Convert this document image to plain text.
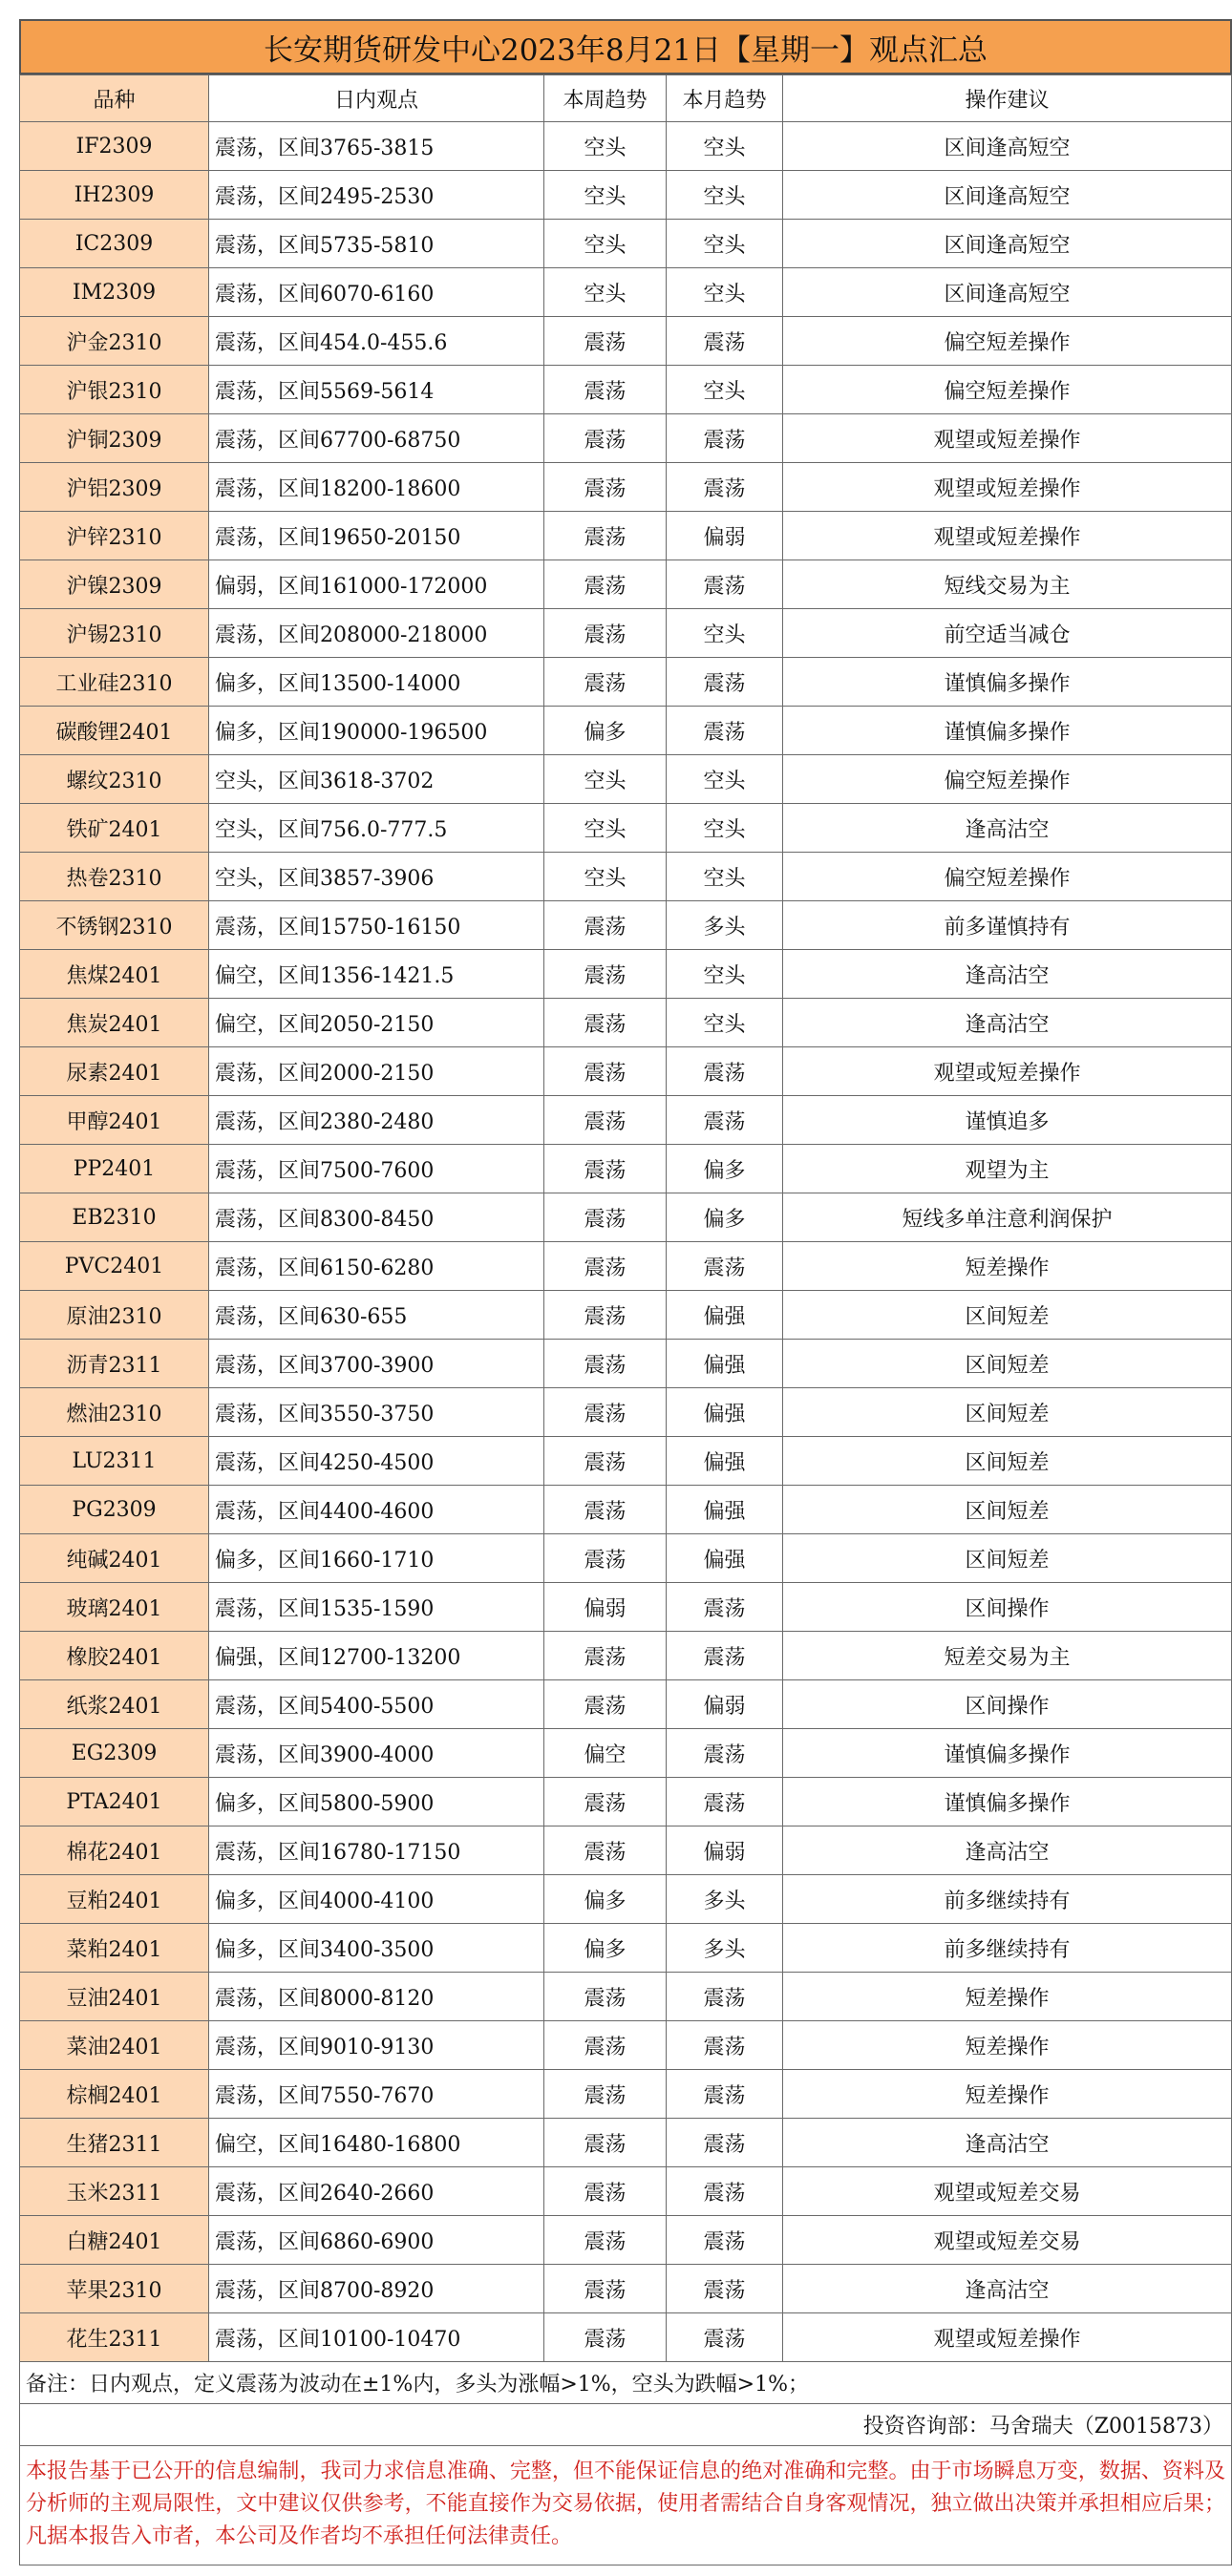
长安期货研发中心2023年8月21日【星期一】观点汇总
品种	日内观点	本周趋势	本月趋势	操作建议
IF2309	震荡，区间3765-3815	空头	空头	区间逢高短空
IH2309	震荡，区间2495-2530	空头	空头	区间逢高短空
IC2309	震荡，区间5735-5810	空头	空头	区间逢高短空
IM2309	震荡，区间6070-6160	空头	空头	区间逢高短空
沪金2310	震荡，区间454.0-455.6	震荡	震荡	偏空短差操作
沪银2310	震荡，区间5569-5614	震荡	空头	偏空短差操作
沪铜2309	震荡，区间67700-68750	震荡	震荡	观望或短差操作
沪铝2309	震荡，区间18200-18600	震荡	震荡	观望或短差操作
沪锌2310	震荡，区间19650-20150	震荡	偏弱	观望或短差操作
沪镍2309	偏弱，区间161000-172000	震荡	震荡	短线交易为主
沪锡2310	震荡，区间208000-218000	震荡	空头	前空适当减仓
工业硅2310	偏多，区间13500-14000	震荡	震荡	谨慎偏多操作
碳酸锂2401	偏多，区间190000-196500	偏多	震荡	谨慎偏多操作
螺纹2310	空头，区间3618-3702	空头	空头	偏空短差操作
铁矿2401	空头，区间756.0-777.5	空头	空头	逢高沽空
热卷2310	空头，区间3857-3906	空头	空头	偏空短差操作
不锈钢2310	震荡，区间15750-16150	震荡	多头	前多谨慎持有
焦煤2401	偏空，区间1356-1421.5	震荡	空头	逢高沽空
焦炭2401	偏空，区间2050-2150	震荡	空头	逢高沽空
尿素2401	震荡，区间2000-2150	震荡	震荡	观望或短差操作
甲醇2401	震荡，区间2380-2480	震荡	震荡	谨慎追多
PP2401	震荡，区间7500-7600	震荡	偏多	观望为主
EB2310	震荡，区间8300-8450	震荡	偏多	短线多单注意利润保护
PVC2401	震荡，区间6150-6280	震荡	震荡	短差操作
原油2310	震荡，区间630-655	震荡	偏强	区间短差
沥青2311	震荡，区间3700-3900	震荡	偏强	区间短差
燃油2310	震荡，区间3550-3750	震荡	偏强	区间短差
LU2311	震荡，区间4250-4500	震荡	偏强	区间短差
PG2309	震荡，区间4400-4600	震荡	偏强	区间短差
纯碱2401	偏多，区间1660-1710	震荡	偏强	区间短差
玻璃2401	震荡，区间1535-1590	偏弱	震荡	区间操作
橡胶2401	偏强，区间12700-13200	震荡	震荡	短差交易为主
纸浆2401	震荡，区间5400-5500	震荡	偏弱	区间操作
EG2309	震荡，区间3900-4000	偏空	震荡	谨慎偏多操作
PTA2401	偏多，区间5800-5900	震荡	震荡	谨慎偏多操作
棉花2401	震荡，区间16780-17150	震荡	偏弱	逢高沽空
豆粕2401	偏多，区间4000-4100	偏多	多头	前多继续持有
菜粕2401	偏多，区间3400-3500	偏多	多头	前多继续持有
豆油2401	震荡，区间8000-8120	震荡	震荡	短差操作
菜油2401	震荡，区间9010-9130	震荡	震荡	短差操作
棕榈2401	震荡，区间7550-7670	震荡	震荡	短差操作
生猪2311	偏空，区间16480-16800	震荡	震荡	逢高沽空
玉米2311	震荡，区间2640-2660	震荡	震荡	观望或短差交易
白糖2401	震荡，区间6860-6900	震荡	震荡	观望或短差交易
苹果2310	震荡，区间8700-8920	震荡	震荡	逢高沽空
花生2311	震荡，区间10100-10470	震荡	震荡	观望或短差操作
备注：日内观点，定义震荡为波动在±1%内，多头为涨幅>1%，空头为跌幅>1%；
投资咨询部：马舍瑞夫（Z0015873）
本报告基于已公开的信息编制，我司力求信息准确、完整，但不能保证信息的绝对准确和完整。由于市场瞬息万变，数据、资料及分析师的主观局限性，文中建议仅供参考，不能直接作为交易依据，使用者需结合自身客观情况，独立做出决策并承担相应后果；凡据本报告入市者，本公司及作者均不承担任何法律责任。
